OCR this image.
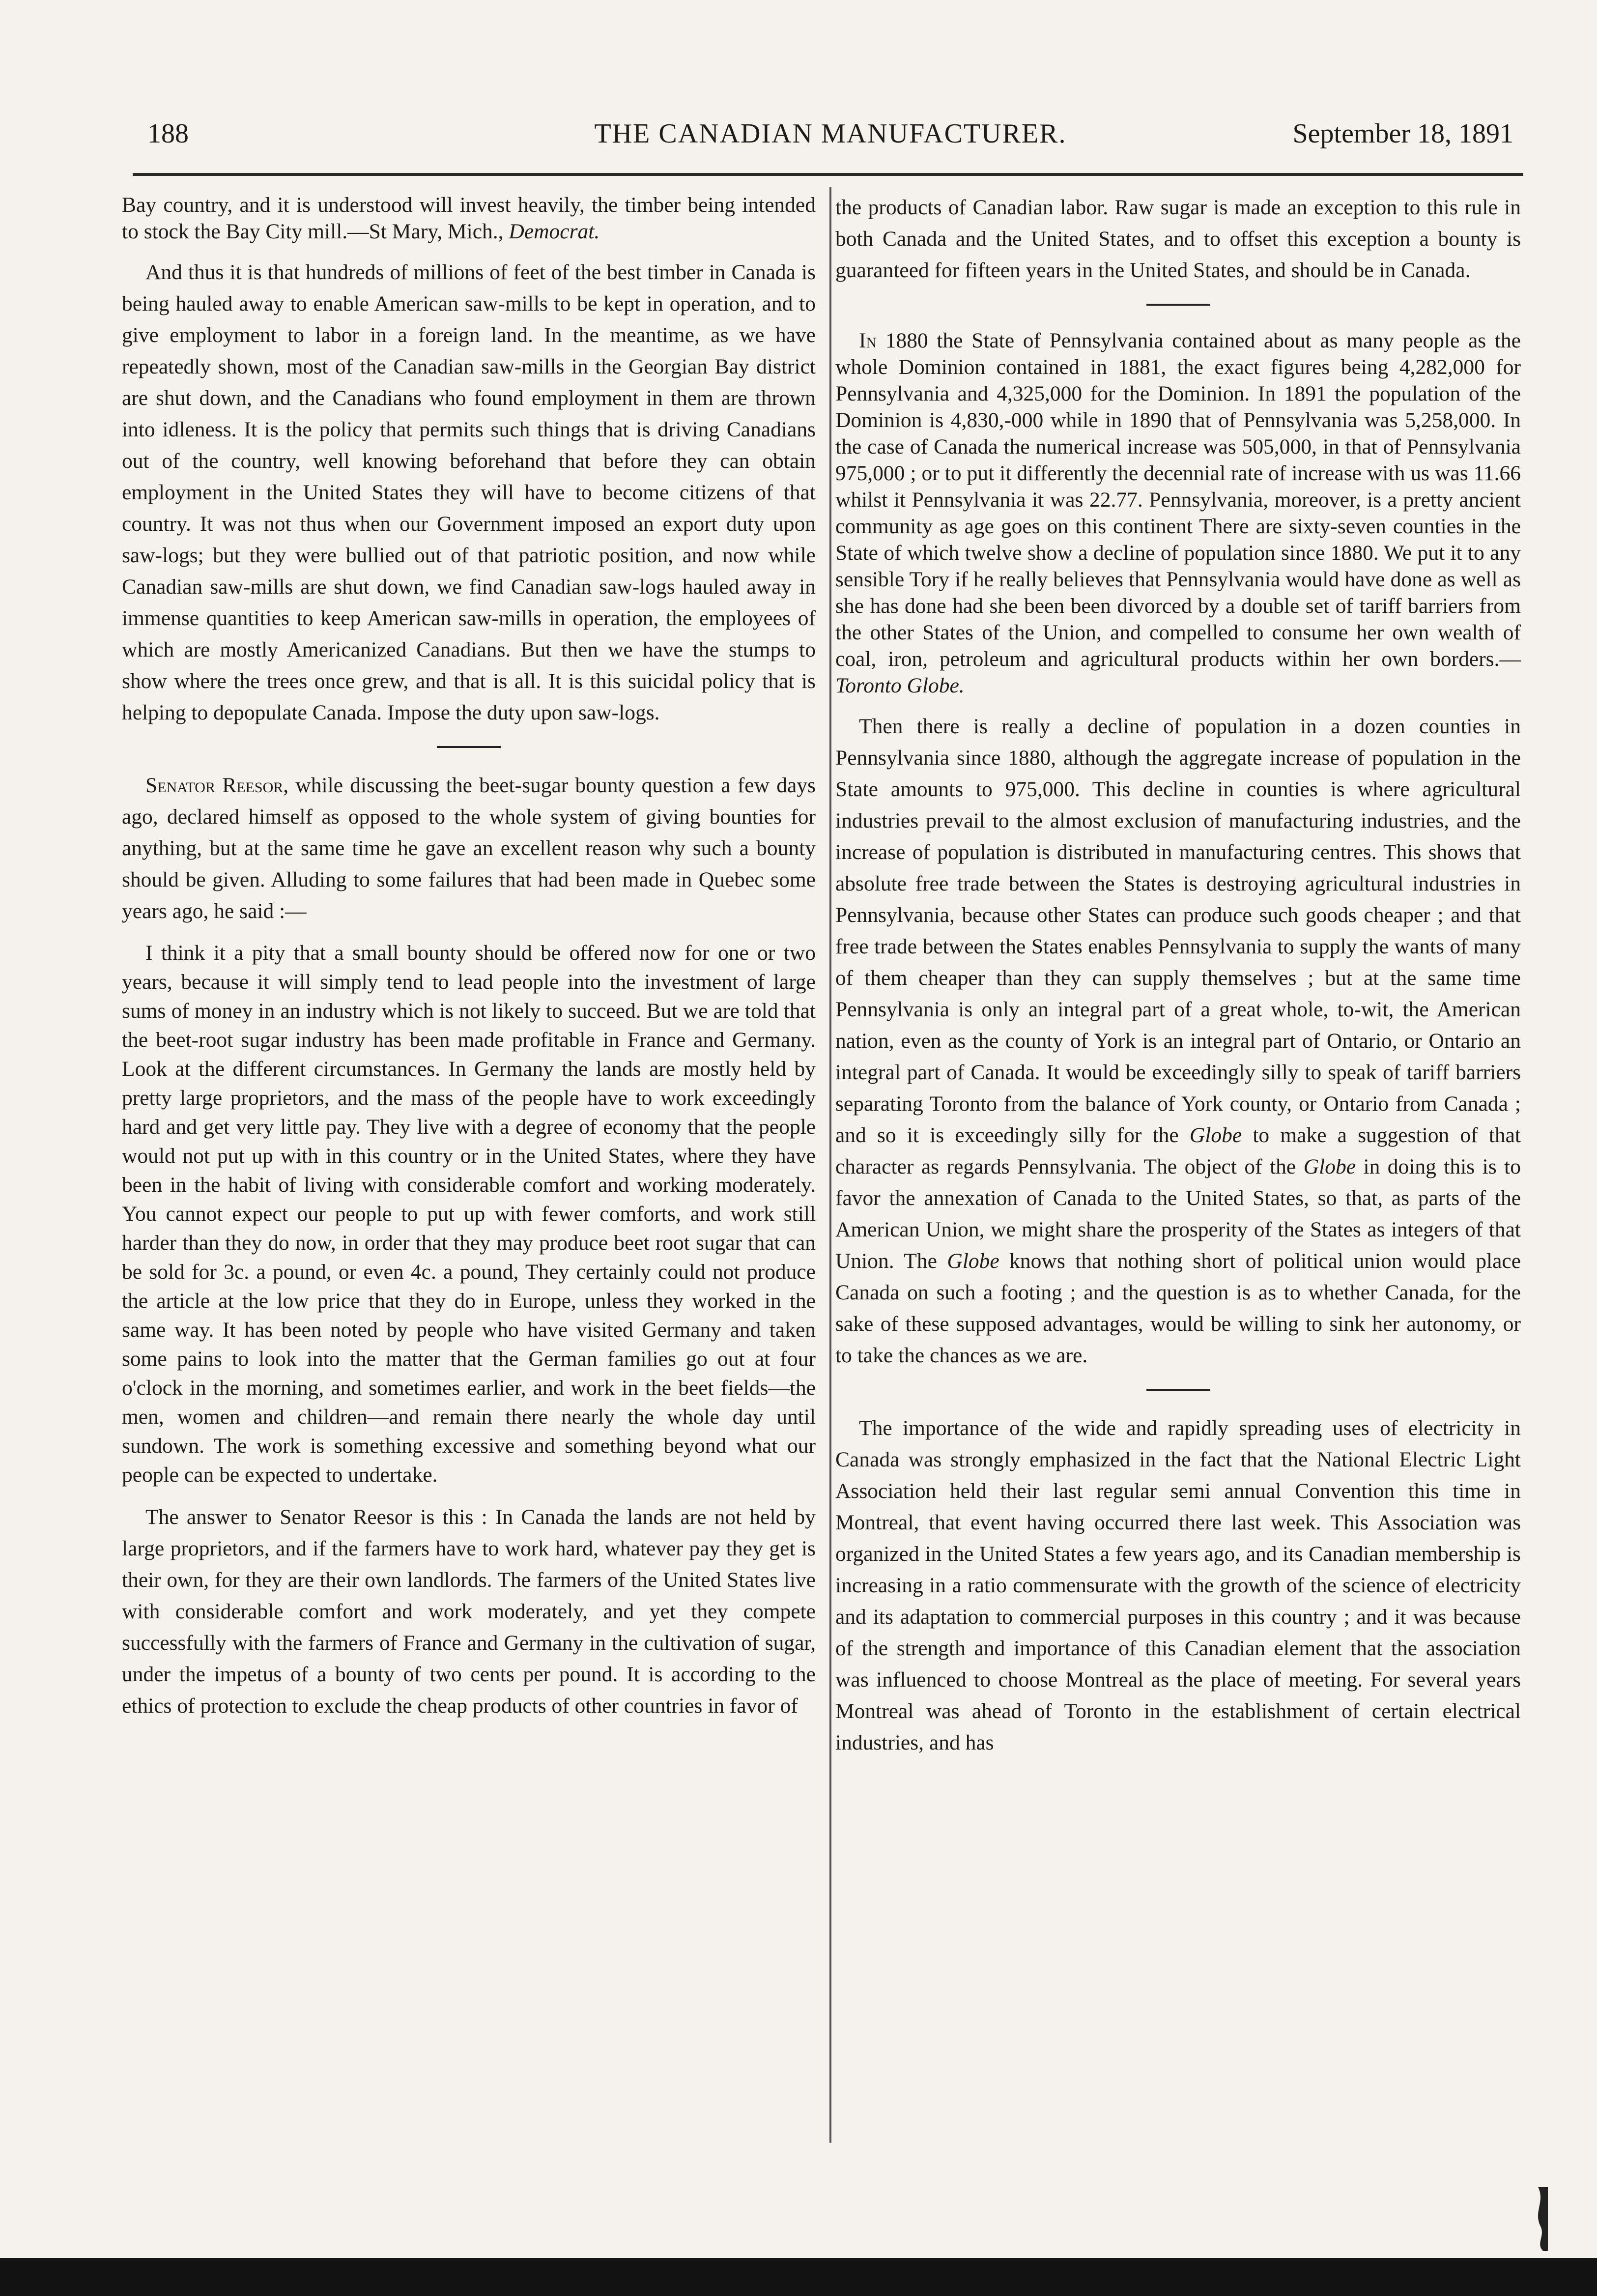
188	THE CANADIAN MANUFACTURER.	September 18, 1891

Bay country, and it is understood will invest heavily, the timber being intended to stock the Bay City mill.—St Mary, Mich., Democrat.

And thus it is that hundreds of millions of feet of the best timber in Canada is being hauled away to enable American saw-mills to be kept in operation, and to give employment to labor in a foreign land. In the meantime, as we have repeatedly shown, most of the Canadian saw-mills in the Georgian Bay district are shut down, and the Canadians who found employment in them are thrown into idleness. It is the policy that permits such things that is driving Canadians out of the country, well knowing beforehand that before they can obtain employment in the United States they will have to become citizens of that country. It was not thus when our Government imposed an export duty upon saw-logs; but they were bullied out of that patriotic position, and now while Canadian saw-mills are shut down, we find Canadian saw-logs hauled away in immense quantities to keep American saw-mills in operation, the employees of which are mostly Americanized Canadians. But then we have the stumps to show where the trees once grew, and that is all. It is this suicidal policy that is helping to depopulate Canada. Impose the duty upon saw-logs.

Senator Reesor, while discussing the beet-sugar bounty question a few days ago, declared himself as opposed to the whole system of giving bounties for anything, but at the same time he gave an excellent reason why such a bounty should be given. Alluding to some failures that had been made in Quebec some years ago, he said :—

I think it a pity that a small bounty should be offered now for one or two years, because it will simply tend to lead people into the investment of large sums of money in an industry which is not likely to succeed. But we are told that the beet-root sugar industry has been made profitable in France and Germany. Look at the different circumstances. In Germany the lands are mostly held by pretty large proprietors, and the mass of the people have to work exceedingly hard and get very little pay. They live with a degree of economy that the people would not put up with in this country or in the United States, where they have been in the habit of living with considerable comfort and working moderately. You cannot expect our people to put up with fewer comforts, and work still harder than they do now, in order that they may produce beet root sugar that can be sold for 3c. a pound, or even 4c. a pound, They certainly could not produce the article at the low price that they do in Europe, unless they worked in the same way. It has been noted by people who have visited Germany and taken some pains to look into the matter that the German families go out at four o'clock in the morning, and sometimes earlier, and work in the beet fields—the men, women and children—and remain there nearly the whole day until sundown. The work is something excessive and something beyond what our people can be expected to undertake.

The answer to Senator Reesor is this : In Canada the lands are not held by large proprietors, and if the farmers have to work hard, whatever pay they get is their own, for they are their own landlords. The farmers of the United States live with considerable comfort and work moderately, and yet they compete successfully with the farmers of France and Germany in the cultivation of sugar, under the impetus of a bounty of two cents per pound. It is according to the ethics of protection to exclude the cheap products of other countries in favor of

the products of Canadian labor. Raw sugar is made an exception to this rule in both Canada and the United States, and to offset this exception a bounty is guaranteed for fifteen years in the United States, and should be in Canada.

In 1880 the State of Pennsylvania contained about as many people as the whole Dominion contained in 1881, the exact figures being 4,282,000 for Pennsylvania and 4,325,000 for the Dominion. In 1891 the population of the Dominion is 4,830,-000 while in 1890 that of Pennsylvania was 5,258,000. In the case of Canada the numerical increase was 505,000, in that of Pennsylvania 975,000 ; or to put it differently the decennial rate of increase with us was 11.66 whilst it Pennsylvania it was 22.77. Pennsylvania, moreover, is a pretty ancient community as age goes on this continent There are sixty-seven counties in the State of which twelve show a decline of population since 1880. We put it to any sensible Tory if he really believes that Pennsylvania would have done as well as she has done had she been been divorced by a double set of tariff barriers from the other States of the Union, and compelled to consume her own wealth of coal, iron, petroleum and agricultural products within her own borders.—Toronto Globe.

Then there is really a decline of population in a dozen counties in Pennsylvania since 1880, although the aggregate increase of population in the State amounts to 975,000. This decline in counties is where agricultural industries prevail to the almost exclusion of manufacturing industries, and the increase of population is distributed in manufacturing centres. This shows that absolute free trade between the States is destroying agricultural industries in Pennsylvania, because other States can produce such goods cheaper ; and that free trade between the States enables Pennsylvania to supply the wants of many of them cheaper than they can supply themselves ; but at the same time Pennsylvania is only an integral part of a great whole, to-wit, the American nation, even as the county of York is an integral part of Ontario, or Ontario an integral part of Canada. It would be exceedingly silly to speak of tariff barriers separating Toronto from the balance of York county, or Ontario from Canada ; and so it is exceedingly silly for the Globe to make a suggestion of that character as regards Pennsylvania. The object of the Globe in doing this is to favor the annexation of Canada to the United States, so that, as parts of the American Union, we might share the prosperity of the States as integers of that Union. The Globe knows that nothing short of political union would place Canada on such a footing ; and the question is as to whether Canada, for the sake of these supposed advantages, would be willing to sink her autonomy, or to take the chances as we are.

The importance of the wide and rapidly spreading uses of electricity in Canada was strongly emphasized in the fact that the National Electric Light Association held their last regular semi annual Convention this time in Montreal, that event having occurred there last week. This Association was organized in the United States a few years ago, and its Canadian membership is increasing in a ratio commensurate with the growth of the science of electricity and its adaptation to commercial purposes in this country ; and it was because of the strength and importance of this Canadian element that the association was influenced to choose Montreal as the place of meeting. For several years Montreal was ahead of Toronto in the establishment of certain electrical industries, and has
